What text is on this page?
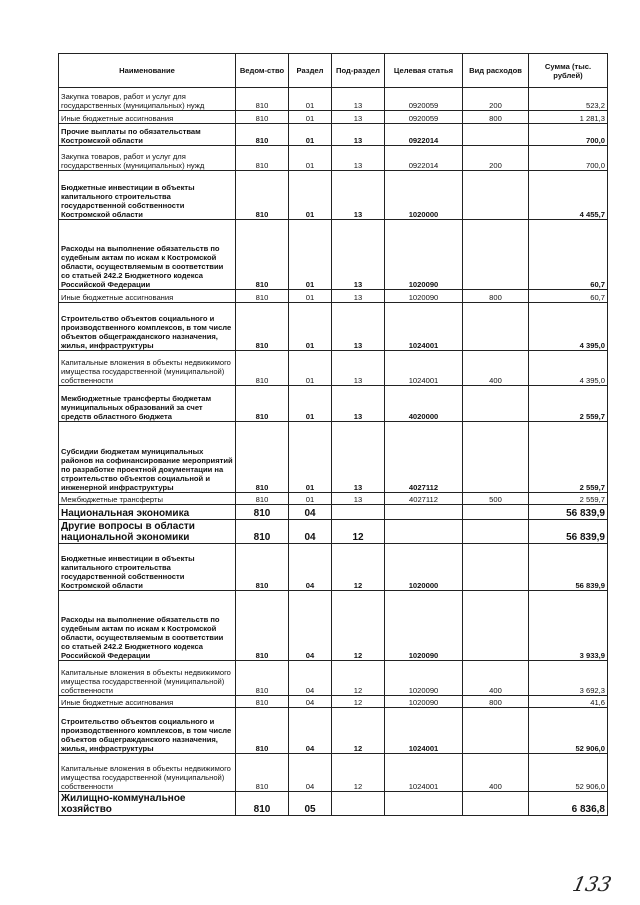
Наименование	Ведом-ство	Раздел	Под-раздел	Целевая статья	Вид расходов	Сумма (тыс. рублей)
Закупка товаров, работ и услуг для государственных (муниципальных) нужд	810	01	13	0920059	200	523,2
Иные бюджетные ассигнования	810	01	13	0920059	800	1 281,3
Прочие выплаты по обязательствам Костромской области	810	01	13	0922014		700,0
Закупка товаров, работ и услуг для государственных (муниципальных) нужд	810	01	13	0922014	200	700,0
Бюджетные инвестиции в объекты капитального строительства государственной собственности Костромской области	810	01	13	1020000		4 455,7
Расходы на выполнение обязательств по судебным актам по искам к Костромской области, осуществляемым в соответствии со статьей 242.2 Бюджетного кодекса Российской Федерации	810	01	13	1020090		60,7
Иные бюджетные ассигнования	810	01	13	1020090	800	60,7
Строительство объектов социального и производственного комплексов, в том числе объектов общегражданского назначения, жилья, инфраструктуры	810	01	13	1024001		4 395,0
Капитальные вложения в объекты недвижимого имущества государственной (муниципальной) собственности	810	01	13	1024001	400	4 395,0
Межбюджетные трансферты бюджетам муниципальных образований за счет средств областного бюджета	810	01	13	4020000		2 559,7
Субсидии бюджетам муниципальных районов на софинансирование мероприятий по разработке проектной документации на строительство объектов социальной и инженерной инфраструктуры	810	01	13	4027112		2 559,7
Межбюджетные трансферты	810	01	13	4027112	500	2 559,7
Национальная экономика	810	04				56 839,9
Другие вопросы в области национальной экономики	810	04	12			56 839,9
Бюджетные инвестиции в объекты капитального строительства государственной собственности Костромской области	810	04	12	1020000		56 839,9
Расходы на выполнение обязательств по судебным актам по искам к Костромской области, осуществляемым в соответствии со статьей 242.2 Бюджетного кодекса Российской Федерации	810	04	12	1020090		3 933,9
Капитальные вложения в объекты недвижимого имущества государственной (муниципальной) собственности	810	04	12	1020090	400	3 692,3
Иные бюджетные ассигнования	810	04	12	1020090	800	41,6
Строительство объектов социального и производственного комплексов, в том числе объектов общегражданского назначения, жилья, инфраструктуры	810	04	12	1024001		52 906,0
Капитальные вложения в объекты недвижимого имущества государственной (муниципальной) собственности	810	04	12	1024001	400	52 906,0
Жилищно-коммунальное хозяйство	810	05				6 836,8
133
